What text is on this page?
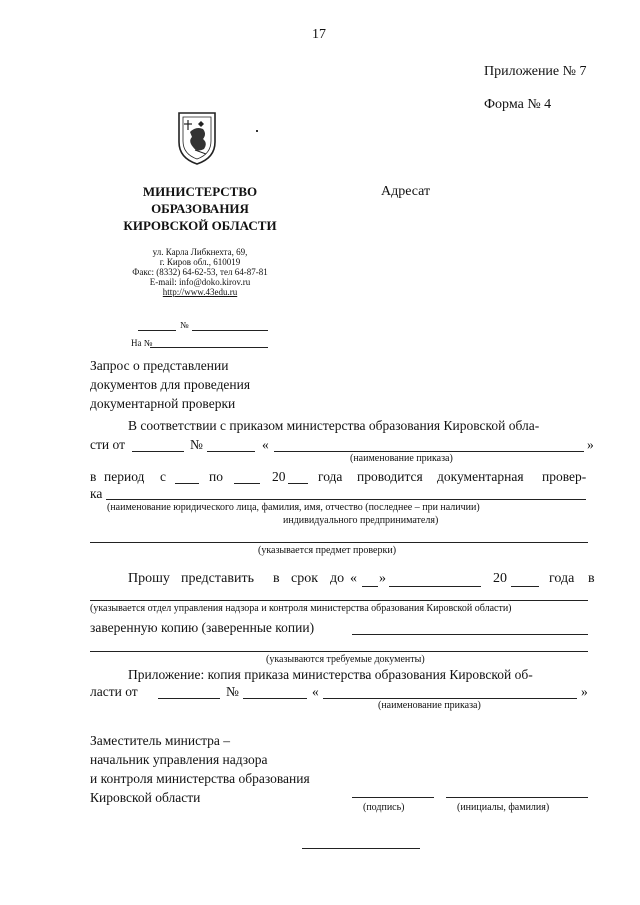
17
Приложение № 7
Форма № 4
МИНИСТЕРСТВО
ОБРАЗОВАНИЯ
КИРОВСКОЙ ОБЛАСТИ
ул. Карла Либкнехта, 69,
г. Киров обл., 610019
Факс: (8332) 64-62-53, тел 64-87-81
E-mail: info@doko.kirov.ru
http://www.43edu.ru
№
На №
Адресат
Запрос о представлении
документов для проведения
документарной проверки
В соответствии с приказом министерства образования Кировской обла-
сти от	№	«	»
(наименование приказа)
в период с	по	20 года проводится документарная провер-
ка
(наименование юридического лица, фамилия, имя, отчество (последнее – при наличии)
индивидуального предпринимателя)
(указывается предмет проверки)
Прошу представить в срок до « »	20	года в
(указывается отдел управления надзора и контроля министерства образования Кировской области)
заверенную копию (заверенные копии)
(указываются требуемые документы)
Приложение: копия приказа министерства образования Кировской об-
ласти от	№	«	»
(наименование приказа)
Заместитель министра –
начальник управления надзора
и контроля министерства образования
Кировской области
(подпись)	(инициалы, фамилия)
